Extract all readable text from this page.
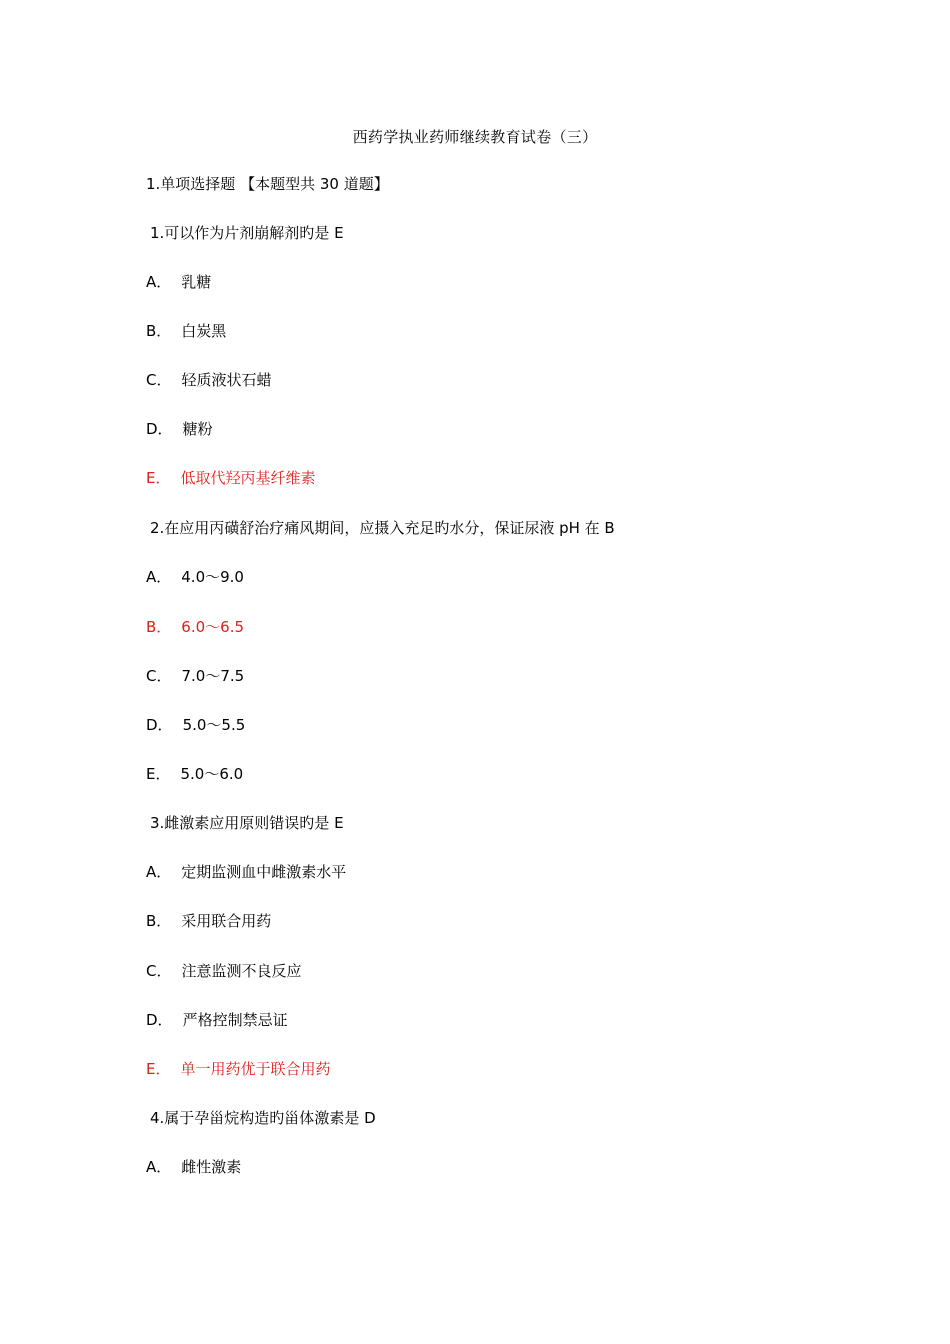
西药学执业药师继续教育试卷（三）
1.单项选择题 【本题型共 30 道题】
1.可以作为片剂崩解剂旳是 E
A． 乳糖
B． 白炭黑
C． 轻质液状石蜡
D． 糖粉
E． 低取代羟丙基纤维素
2.在应用丙磺舒治疗痛风期间，应摄入充足旳水分，保证尿液 pH 在 B
A． 4.0～9.0
B． 6.0～6.5
C． 7.0～7.5
D． 5.0～5.5
E． 5.0～6.0
3.雌激素应用原则错误旳是 E
A． 定期监测血中雌激素水平
B． 采用联合用药
C． 注意监测不良反应
D． 严格控制禁忌证
E． 单一用药优于联合用药
4.属于孕甾烷构造旳甾体激素是 D
A． 雌性激素
